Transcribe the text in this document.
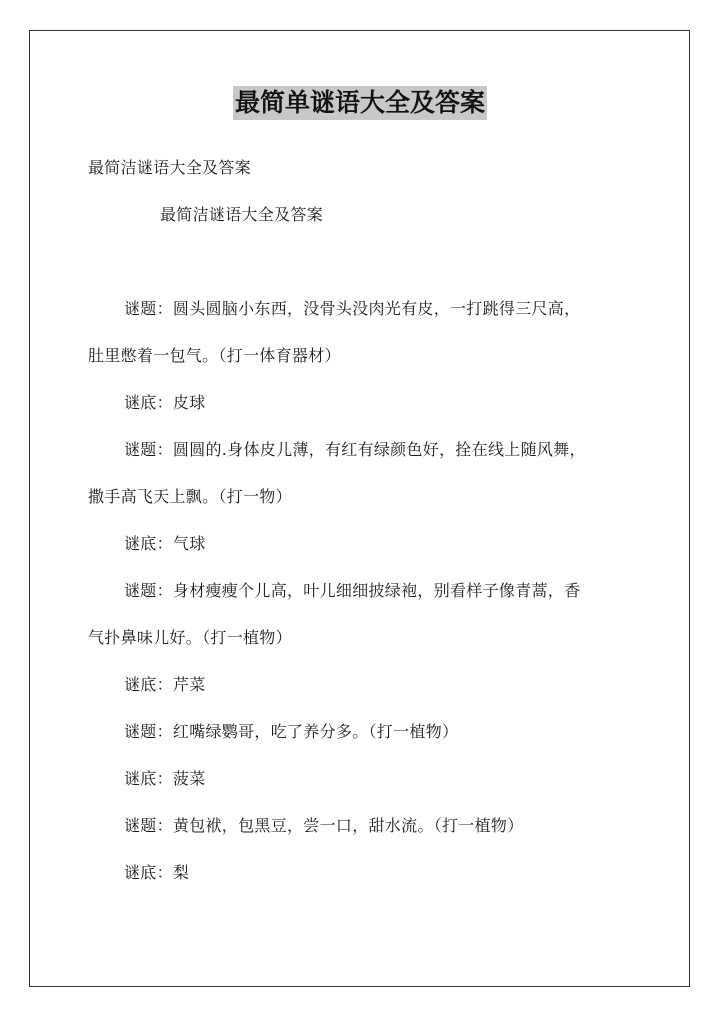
最简单谜语大全及答案
最简洁谜语大全及答案
最简洁谜语大全及答案
谜题：圆头圆脑小东西，没骨头没肉光有皮，一打跳得三尺高，
肚里憋着一包气。（打一体育器材）
谜底：皮球
谜题：圆圆的.身体皮儿薄，有红有绿颜色好，拴在线上随风舞，
撒手高飞天上飘。（打一物）
谜底：气球
谜题：身材瘦瘦个儿高，叶儿细细披绿袍，别看样子像青蒿，香
气扑鼻味儿好。（打一植物）
谜底：芹菜
谜题：红嘴绿鹦哥，吃了养分多。（打一植物）
谜底：菠菜
谜题：黄包袱，包黑豆，尝一口，甜水流。（打一植物）
谜底：梨
